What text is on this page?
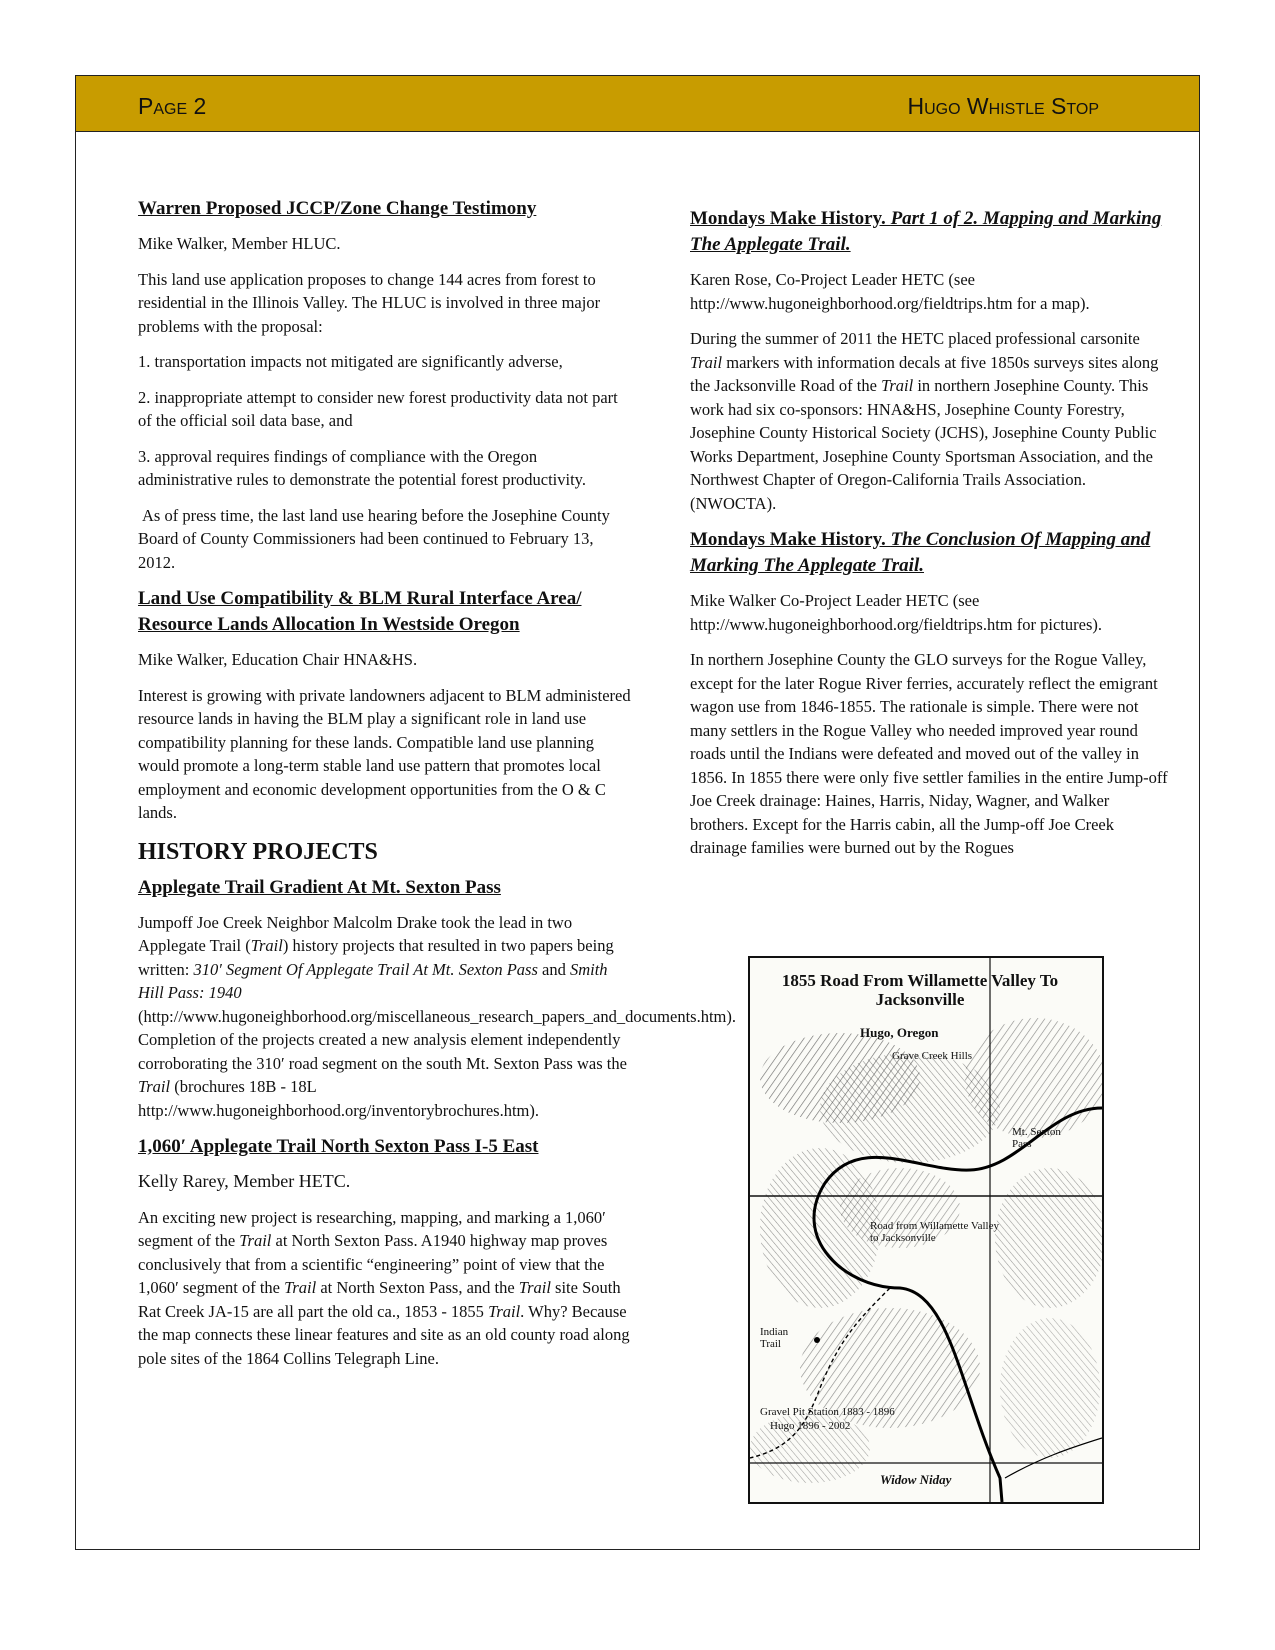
Page 2	Hugo Whistle Stop
Warren Proposed JCCP/Zone Change Testimony

Mike Walker, Member HLUC.

This land use application proposes to change 144 acres from forest to residential in the Illinois Valley. The HLUC is involved in three major problems with the proposal:

1. transportation impacts not mitigated are significantly adverse,

2. inappropriate attempt to consider new forest productivity data not part of the official soil data base, and

3. approval requires findings of compliance with the Oregon administrative rules to demonstrate the potential forest productivity.

As of press time, the last land use hearing before the Josephine County Board of County Commissioners had been continued to February 13, 2012.

Land Use Compatibility & BLM Rural Interface Area/ Resource Lands Allocation In Westside Oregon

Mike Walker, Education Chair HNA&HS.

Interest is growing with private landowners adjacent to BLM administered resource lands in having the BLM play a significant role in land use compatibility planning for these lands. Compatible land use planning would promote a long-term stable land use pattern that promotes local employment and economic development opportunities from the O & C lands.

HISTORY PROJECTS
Applegate Trail Gradient At Mt. Sexton Pass

Jumpoff Joe Creek Neighbor Malcolm Drake took the lead in two Applegate Trail (Trail) history projects that resulted in two papers being written: 310′ Segment Of Applegate Trail At Mt. Sexton Pass and Smith Hill Pass: 1940 (http://www.hugoneighborhood.org/miscellaneous_research_papers_and_documents.htm). Completion of the projects created a new analysis element independently corroborating the 310′ road segment on the south Mt. Sexton Pass was the Trail (brochures 18B - 18L http://www.hugoneighborhood.org/inventorybrochures.htm).

1,060′ Applegate Trail North Sexton Pass I-5 East

Kelly Rarey, Member HETC.

An exciting new project is researching, mapping, and marking a 1,060′ segment of the Trail at North Sexton Pass. A1940 highway map proves conclusively that from a scientific “engineering” point of view that the 1,060′ segment of the Trail at North Sexton Pass, and the Trail site South Rat Creek JA-15 are all part the old ca., 1853 - 1855 Trail. Why? Because the map connects these linear features and site as an old county road along pole sites of the 1864 Collins Telegraph Line.

Mondays Make History. Part 1 of 2. Mapping and Marking The Applegate Trail.

Karen Rose, Co-Project Leader HETC (see http://www.hugoneighborhood.org/fieldtrips.htm for a map).

During the summer of 2011 the HETC placed professional carsonite Trail markers with information decals at five 1850s surveys sites along the Jacksonville Road of the Trail in northern Josephine County. This work had six co-sponsors: HNA&HS, Josephine County Forestry, Josephine County Historical Society (JCHS), Josephine County Public Works Department, Josephine County Sportsman Association, and the Northwest Chapter of Oregon-California Trails Association. (NWOCTA).

Mondays Make History. The Conclusion Of Mapping and Marking The Applegate Trail.

Mike Walker Co-Project Leader HETC (see http://www.hugoneighborhood.org/fieldtrips.htm for pictures).

In northern Josephine County the GLO surveys for the Rogue Valley, except for the later Rogue River ferries, accurately reflect the emigrant wagon use from 1846-1855. The rationale is simple. There were not many settlers in the Rogue Valley who needed improved year round roads until the Indians were defeated and moved out of the valley in 1856. In 1855 there were only five settler families in the entire Jump-off Joe Creek drainage: Haines, Harris, Niday, Wagner, and Walker brothers. Except for the Harris cabin, all the Jump-off Joe Creek drainage families were burned out by the Rogues

1855 Road From Willamette Valley To Jacksonville
Hugo, Oregon
Grave Creek Hills
Mt. Sexton Pass
Road from Willamette Valley to Jacksonville
Indian Trail
Gravel Pit Station 1883 - 1896
Hugo 1896 - 2002
Widow Niday
